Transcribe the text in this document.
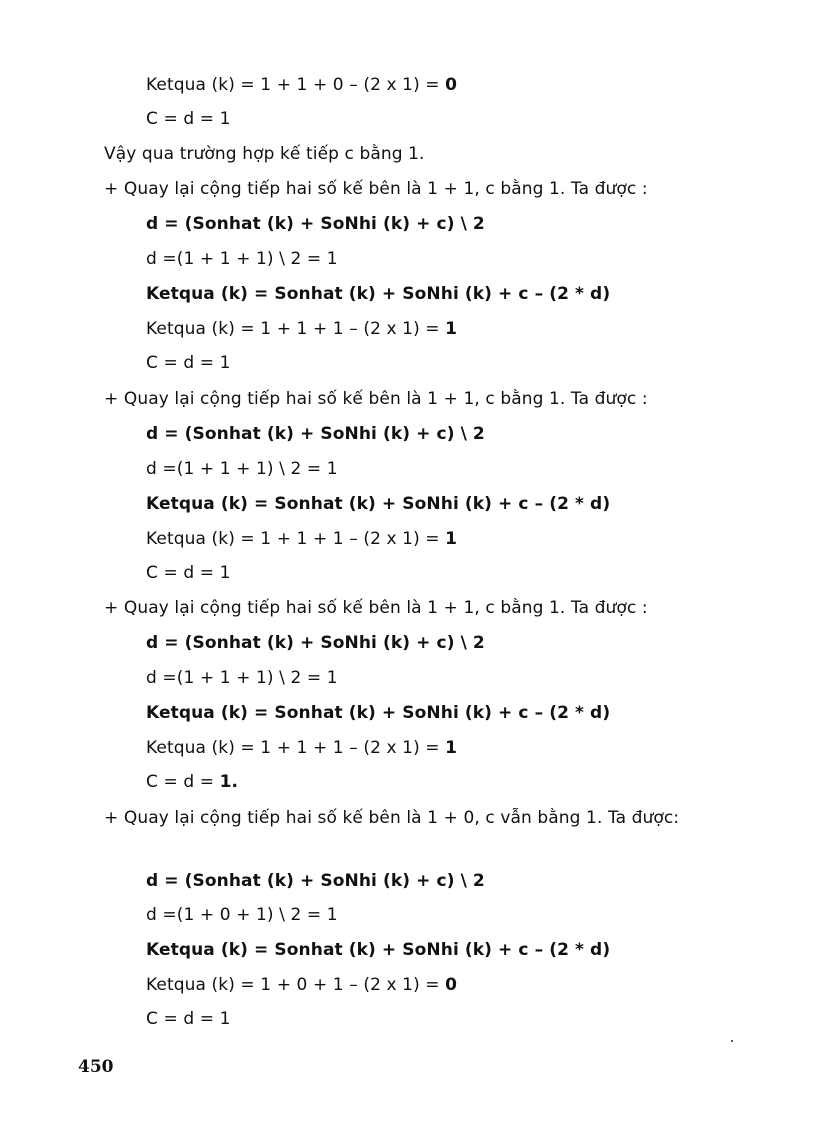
Ketqua (k) = 1 + 1 + 0 – (2 x 1) = 0
C = d = 1
Vậy qua trường hợp kế tiếp c bằng 1.
+ Quay lại cộng tiếp hai số kế bên là 1 + 1, c bằng 1. Ta được :
d = (Sonhat (k) + SoNhi (k) + c) \ 2
d =(1 + 1 + 1) \ 2 = 1
Ketqua (k) = Sonhat (k) + SoNhi (k) + c – (2 * d)
Ketqua (k) = 1 + 1 + 1 – (2 x 1) = 1
C = d = 1
+ Quay lại cộng tiếp hai số kế bên là 1 + 1, c bằng 1. Ta được :
d = (Sonhat (k) + SoNhi (k) + c) \ 2
d =(1 + 1 + 1) \ 2 = 1
Ketqua (k) = Sonhat (k) + SoNhi (k) + c – (2 * d)
Ketqua (k) = 1 + 1 + 1 – (2 x 1) = 1
C = d = 1
+ Quay lại cộng tiếp hai số kế bên là 1 + 1, c bằng 1. Ta được :
d = (Sonhat (k) + SoNhi (k) + c) \ 2
d =(1 + 1 + 1) \ 2 = 1
Ketqua (k) = Sonhat (k) + SoNhi (k) + c – (2 * d)
Ketqua (k) = 1 + 1 + 1 – (2 x 1) = 1
C = d = 1.
+ Quay lại cộng tiếp hai số kế bên là 1 + 0, c vẫn bằng 1. Ta được:
d = (Sonhat (k) + SoNhi (k) + c) \ 2
d =(1 + 0 + 1) \ 2 = 1
Ketqua (k) = Sonhat (k) + SoNhi (k) + c – (2 * d)
Ketqua (k) = 1 + 0 + 1 – (2 x 1) = 0
C = d = 1
450
